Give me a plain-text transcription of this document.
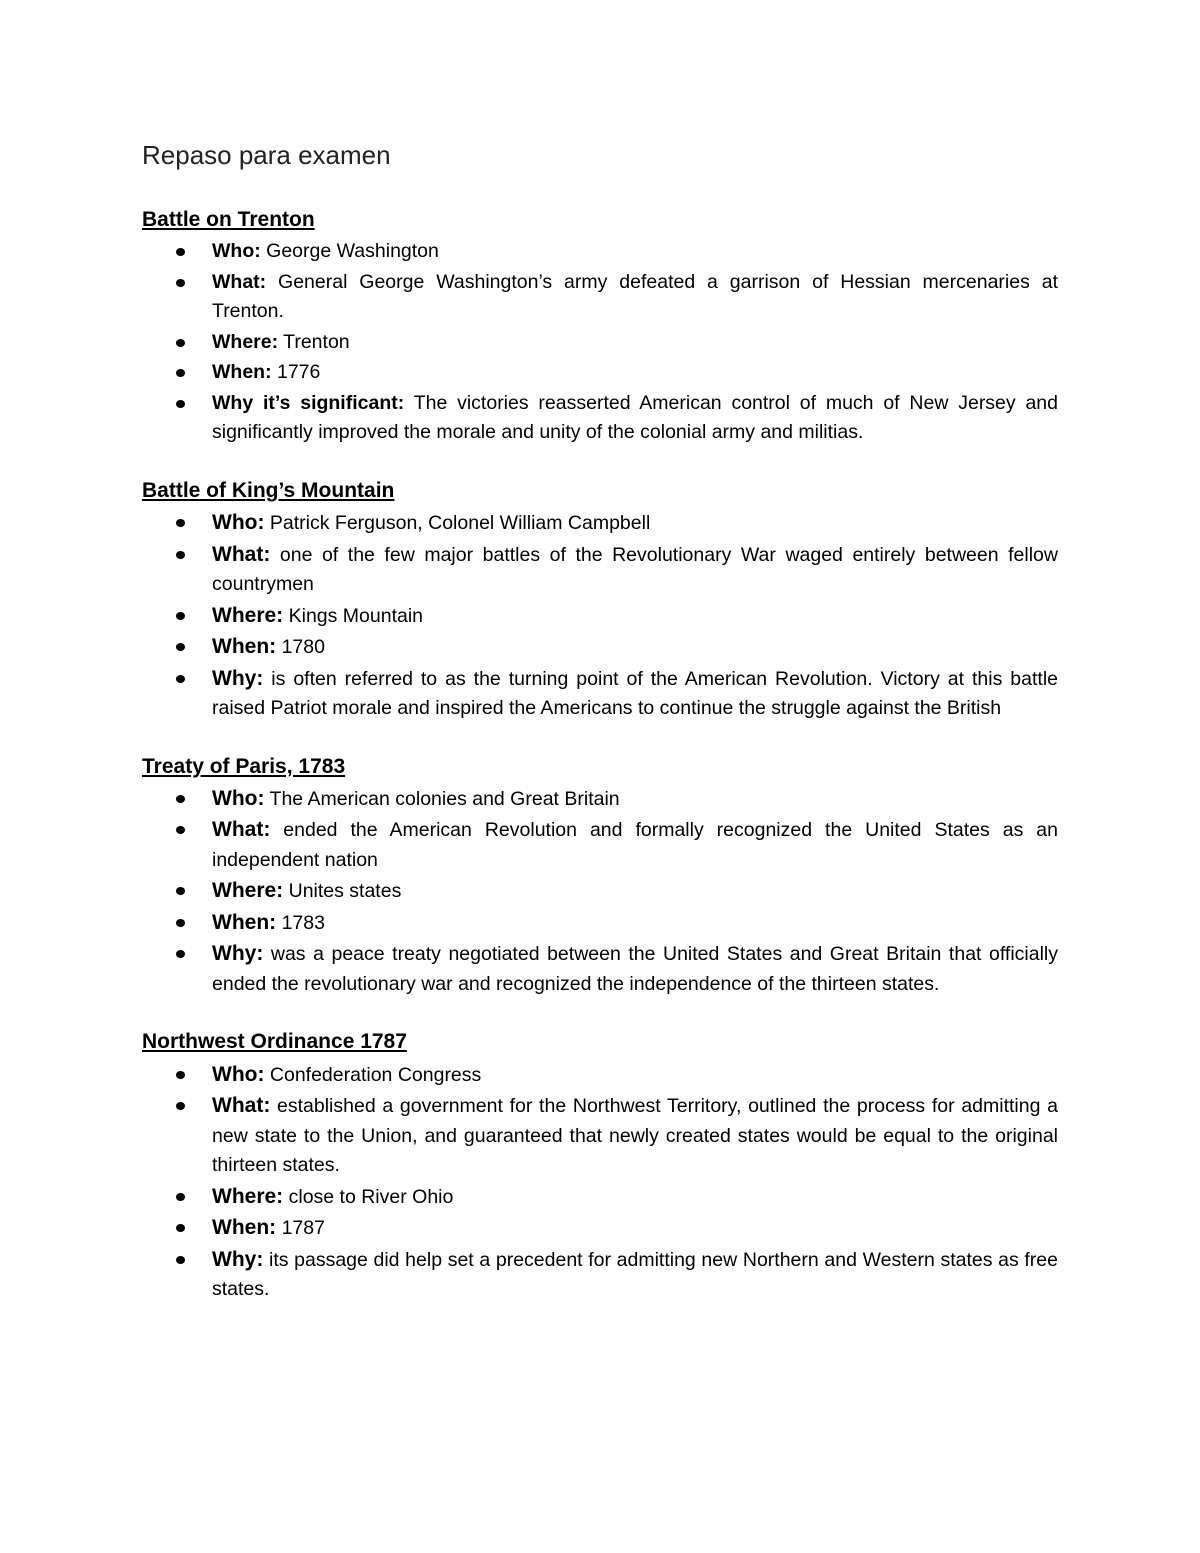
Repaso para examen
Battle on Trenton
Who: George Washington
What: General George Washington’s army defeated a garrison of Hessian mercenaries at Trenton.
Where: Trenton
When: 1776
Why it’s significant: The victories reasserted American control of much of New Jersey and significantly improved the morale and unity of the colonial army and militias.
Battle of King’s Mountain
Who: Patrick Ferguson, Colonel William Campbell
What: one of the few major battles of the Revolutionary War waged entirely between fellow countrymen
Where: Kings Mountain
When: 1780
Why: is often referred to as the turning point of the American Revolution. Victory at this battle raised Patriot morale and inspired the Americans to continue the struggle against the British
Treaty of Paris, 1783
Who: The American colonies and Great Britain
What: ended the American Revolution and formally recognized the United States as an independent nation
Where: Unites states
When: 1783
Why: was a peace treaty negotiated between the United States and Great Britain that officially ended the revolutionary war and recognized the independence of the thirteen states.
Northwest Ordinance 1787
Who: Confederation Congress
What: established a government for the Northwest Territory, outlined the process for admitting a new state to the Union, and guaranteed that newly created states would be equal to the original thirteen states.
Where: close to River Ohio
When: 1787
Why: its passage did help set a precedent for admitting new Northern and Western states as free states.
